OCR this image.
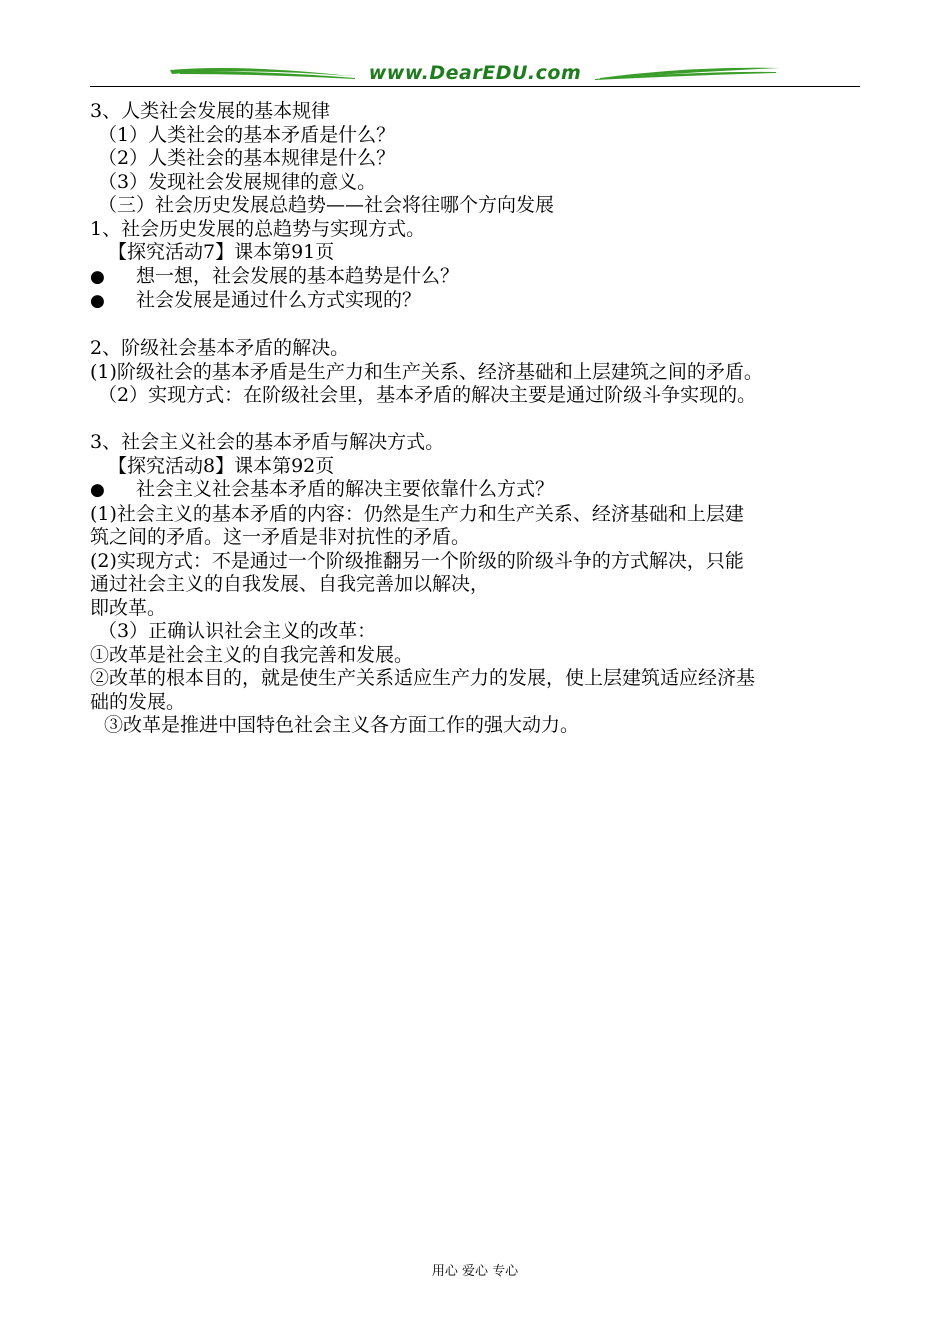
www.DearEDU.com
3、人类社会发展的基本规律
（1）人类社会的基本矛盾是什么？
（2）人类社会的基本规律是什么？
（3）发现社会发展规律的意义。
（三）社会历史发展总趋势——社会将往哪个方向发展
1、社会历史发展的总趋势与实现方式。
【探究活动7】课本第91页
● 想一想，社会发展的基本趋势是什么？
● 社会发展是通过什么方式实现的？
2、阶级社会基本矛盾的解决。
(1)阶级社会的基本矛盾是生产力和生产关系、经济基础和上层建筑之间的矛盾。
（2）实现方式：在阶级社会里，基本矛盾的解决主要是通过阶级斗争实现的。
3、社会主义社会的基本矛盾与解决方式。
【探究活动8】课本第92页
● 社会主义社会基本矛盾的解决主要依靠什么方式？
(1)社会主义的基本矛盾的内容：仍然是生产力和生产关系、经济基础和上层建
筑之间的矛盾。这一矛盾是非对抗性的矛盾。
(2)实现方式：不是通过一个阶级推翻另一个阶级的阶级斗争的方式解决，只能
通过社会主义的自我发展、自我完善加以解决，
即改革。
（3）正确认识社会主义的改革：
①改革是社会主义的自我完善和发展。
②改革的根本目的，就是使生产关系适应生产力的发展，使上层建筑适应经济基
础的发展。
③改革是推进中国特色社会主义各方面工作的强大动力。
用心 爱心 专心
